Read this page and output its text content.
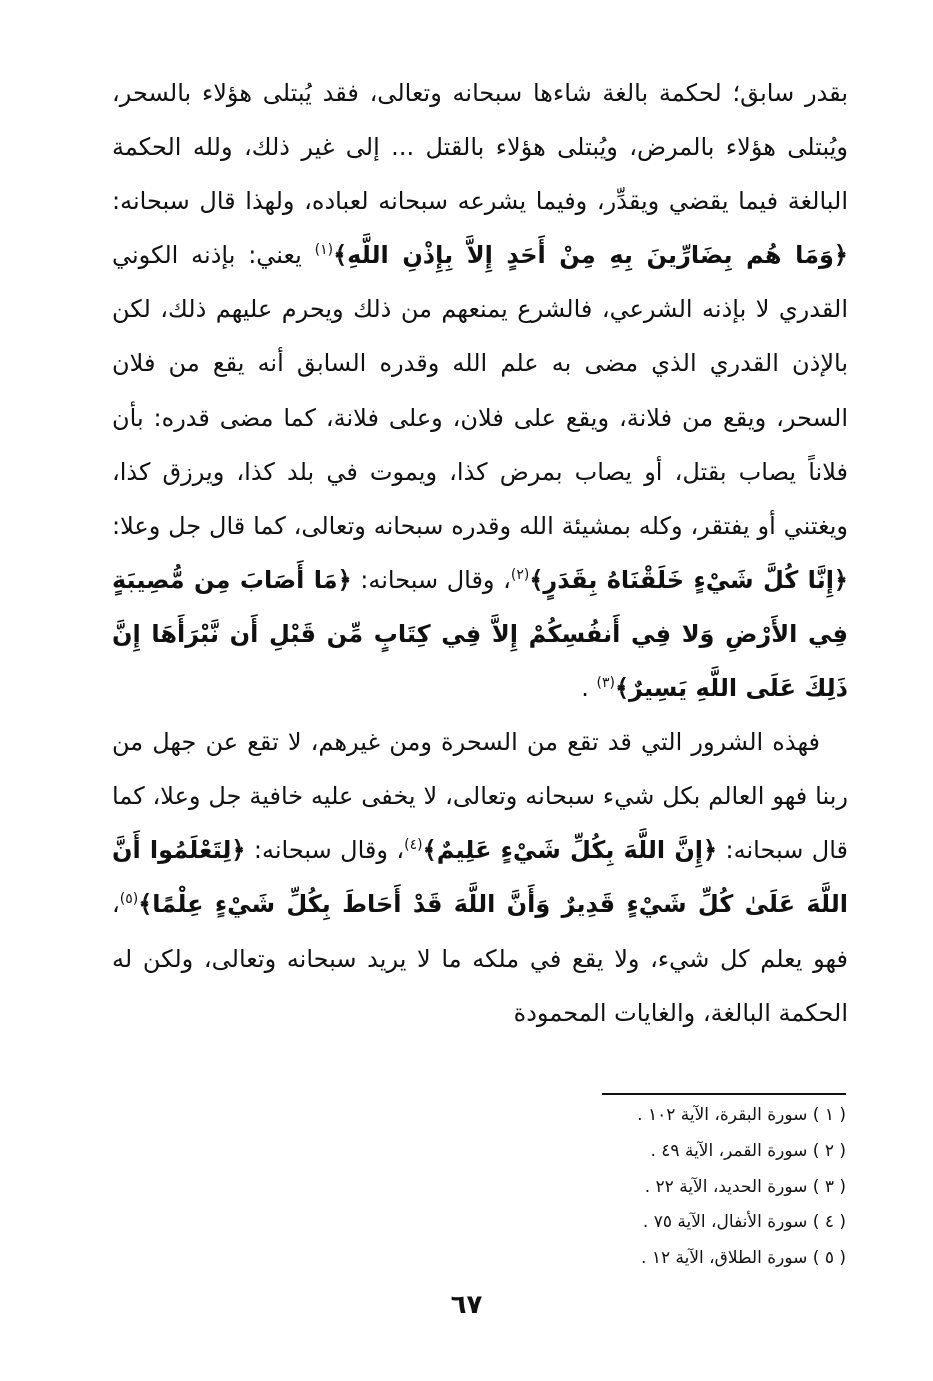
بقدر سابق؛ لحكمة بالغة شاءها سبحانه وتعالى، فقد يُبتلى هؤلاء بالسحر، ويُبتلى هؤلاء بالمرض، ويُبتلى هؤلاء بالقتل ... إلى غير ذلك، ولله الحكمة البالغة فيما يقضي ويقدِّر، وفيما يشرعه سبحانه لعباده، ولهذا قال سبحانه: ﴿وَمَا هُم بِضَارِّينَ بِهِ مِنْ أَحَدٍ إِلاَّ بِإِذْنِ اللَّهِ﴾$^{(١)}$ يعني: بإذنه الكوني القدري لا بإذنه الشرعي، فالشرع يمنعهم من ذلك ويحرم عليهم ذلك، لكن بالإذن القدري الذي مضى به علم الله وقدره السابق أنه يقع من فلان السحر، ويقع من فلانة، ويقع على فلان، وعلى فلانة، كما مضى قدره: بأن فلاناً يصاب بقتل، أو يصاب بمرض كذا، ويموت في بلد كذا، ويرزق كذا، ويغتني أو يفتقر، وكله بمشيئة الله وقدره سبحانه وتعالى، كما قال جل وعلا: ﴿إِنَّا كُلَّ شَيْءٍ خَلَقْنَاهُ بِقَدَرٍ﴾$^{(٢)}$، وقال سبحانه: ﴿مَا أَصَابَ مِن مُّصِيبَةٍ فِي الأَرْضِ وَلا فِي أَنفُسِكُمْ إِلاَّ فِي كِتَابٍ مِّن قَبْلِ أَن نَّبْرَأَهَا إِنَّ ذَلِكَ عَلَى اللَّهِ يَسِيرٌ﴾$^{(٣)}$ .

فهذه الشرور التي قد تقع من السحرة ومن غيرهم، لا تقع عن جهل من ربنا فهو العالم بكل شيء سبحانه وتعالى، لا يخفى عليه خافية جل وعلا، كما قال سبحانه: ﴿إِنَّ اللَّهَ بِكُلِّ شَيْءٍ عَلِيمٌ﴾$^{(٤)}$، وقال سبحانه: ﴿لِتَعْلَمُوا أَنَّ اللَّهَ عَلَىٰ كُلِّ شَيْءٍ قَدِيرٌ وَأَنَّ اللَّهَ قَدْ أَحَاطَ بِكُلِّ شَيْءٍ عِلْمًا﴾$^{(٥)}$، فهو يعلم كل شيء، ولا يقع في ملكه ما لا يريد سبحانه وتعالى، ولكن له الحكمة البالغة، والغايات المحمودة

( ١ ) سورة البقرة، الآية ١٠٢ .
( ٢ ) سورة القمر، الآية ٤٩ .
( ٣ ) سورة الحديد، الآية ٢٢ .
( ٤ ) سورة الأنفال، الآية ٧٥ .
( ٥ ) سورة الطلاق، الآية ١٢ .
٦٧
